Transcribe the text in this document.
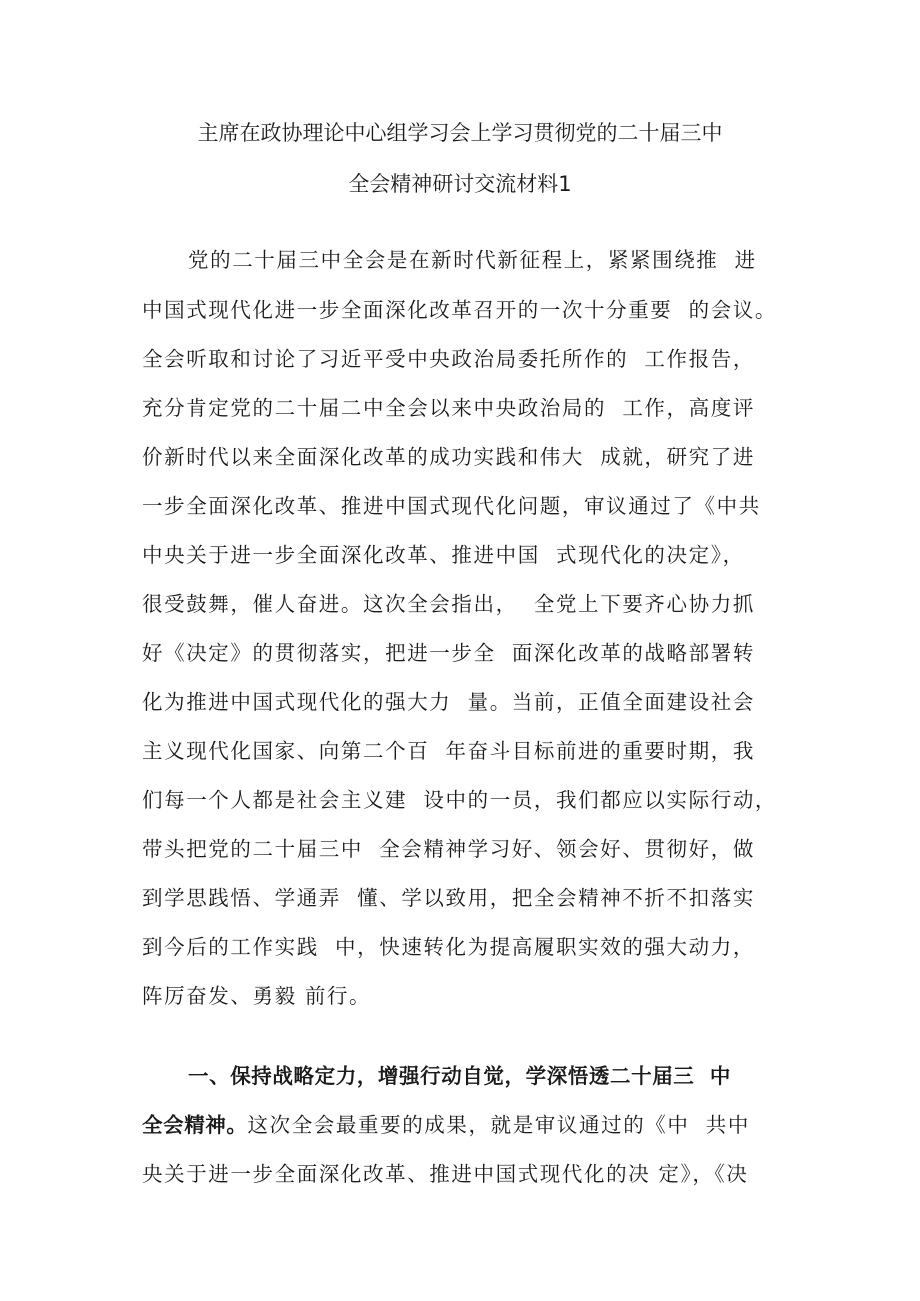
主席在政协理论中心组学习会上学习贯彻党的二十届三中
全会精神研讨交流材料1
党的二十届三中全会是在新时代新征程上，紧紧围绕推  进
中国式现代化进一步全面深化改革召开的一次十分重要  的会议。
全会听取和讨论了习近平受中央政治局委托所作的  工作报告，
充分肯定党的二十届二中全会以来中央政治局的  工作，高度评
价新时代以来全面深化改革的成功实践和伟大  成就，研究了进
一步全面深化改革、推进中国式现代化问题，审议通过了《中共
中央关于进一步全面深化改革、推进中国  式现代化的决定》，
很受鼓舞，催人奋进。这次全会指出，  全党上下要齐心协力抓
好《决定》的贯彻落实，把进一步全  面深化改革的战略部署转
化为推进中国式现代化的强大力  量。当前，正值全面建设社会
主义现代化国家、向第二个百  年奋斗目标前进的重要时期，我
们每一个人都是社会主义建  设中的一员，我们都应以实际行动，
带头把党的二十届三中  全会精神学习好、领会好、贯彻好，做
到学思践悟、学通弄  懂、学以致用，把全会精神不折不扣落实
到今后的工作实践  中，快速转化为提高履职实效的强大动力，
阵厉奋发、勇毅 前行。
一、保持战略定力，增强行动自觉，学深悟透二十届三  中
全会精神。这次全会最重要的成果，就是审议通过的《中  共中
央关于进一步全面深化改革、推进中国式现代化的决 定》，《决
